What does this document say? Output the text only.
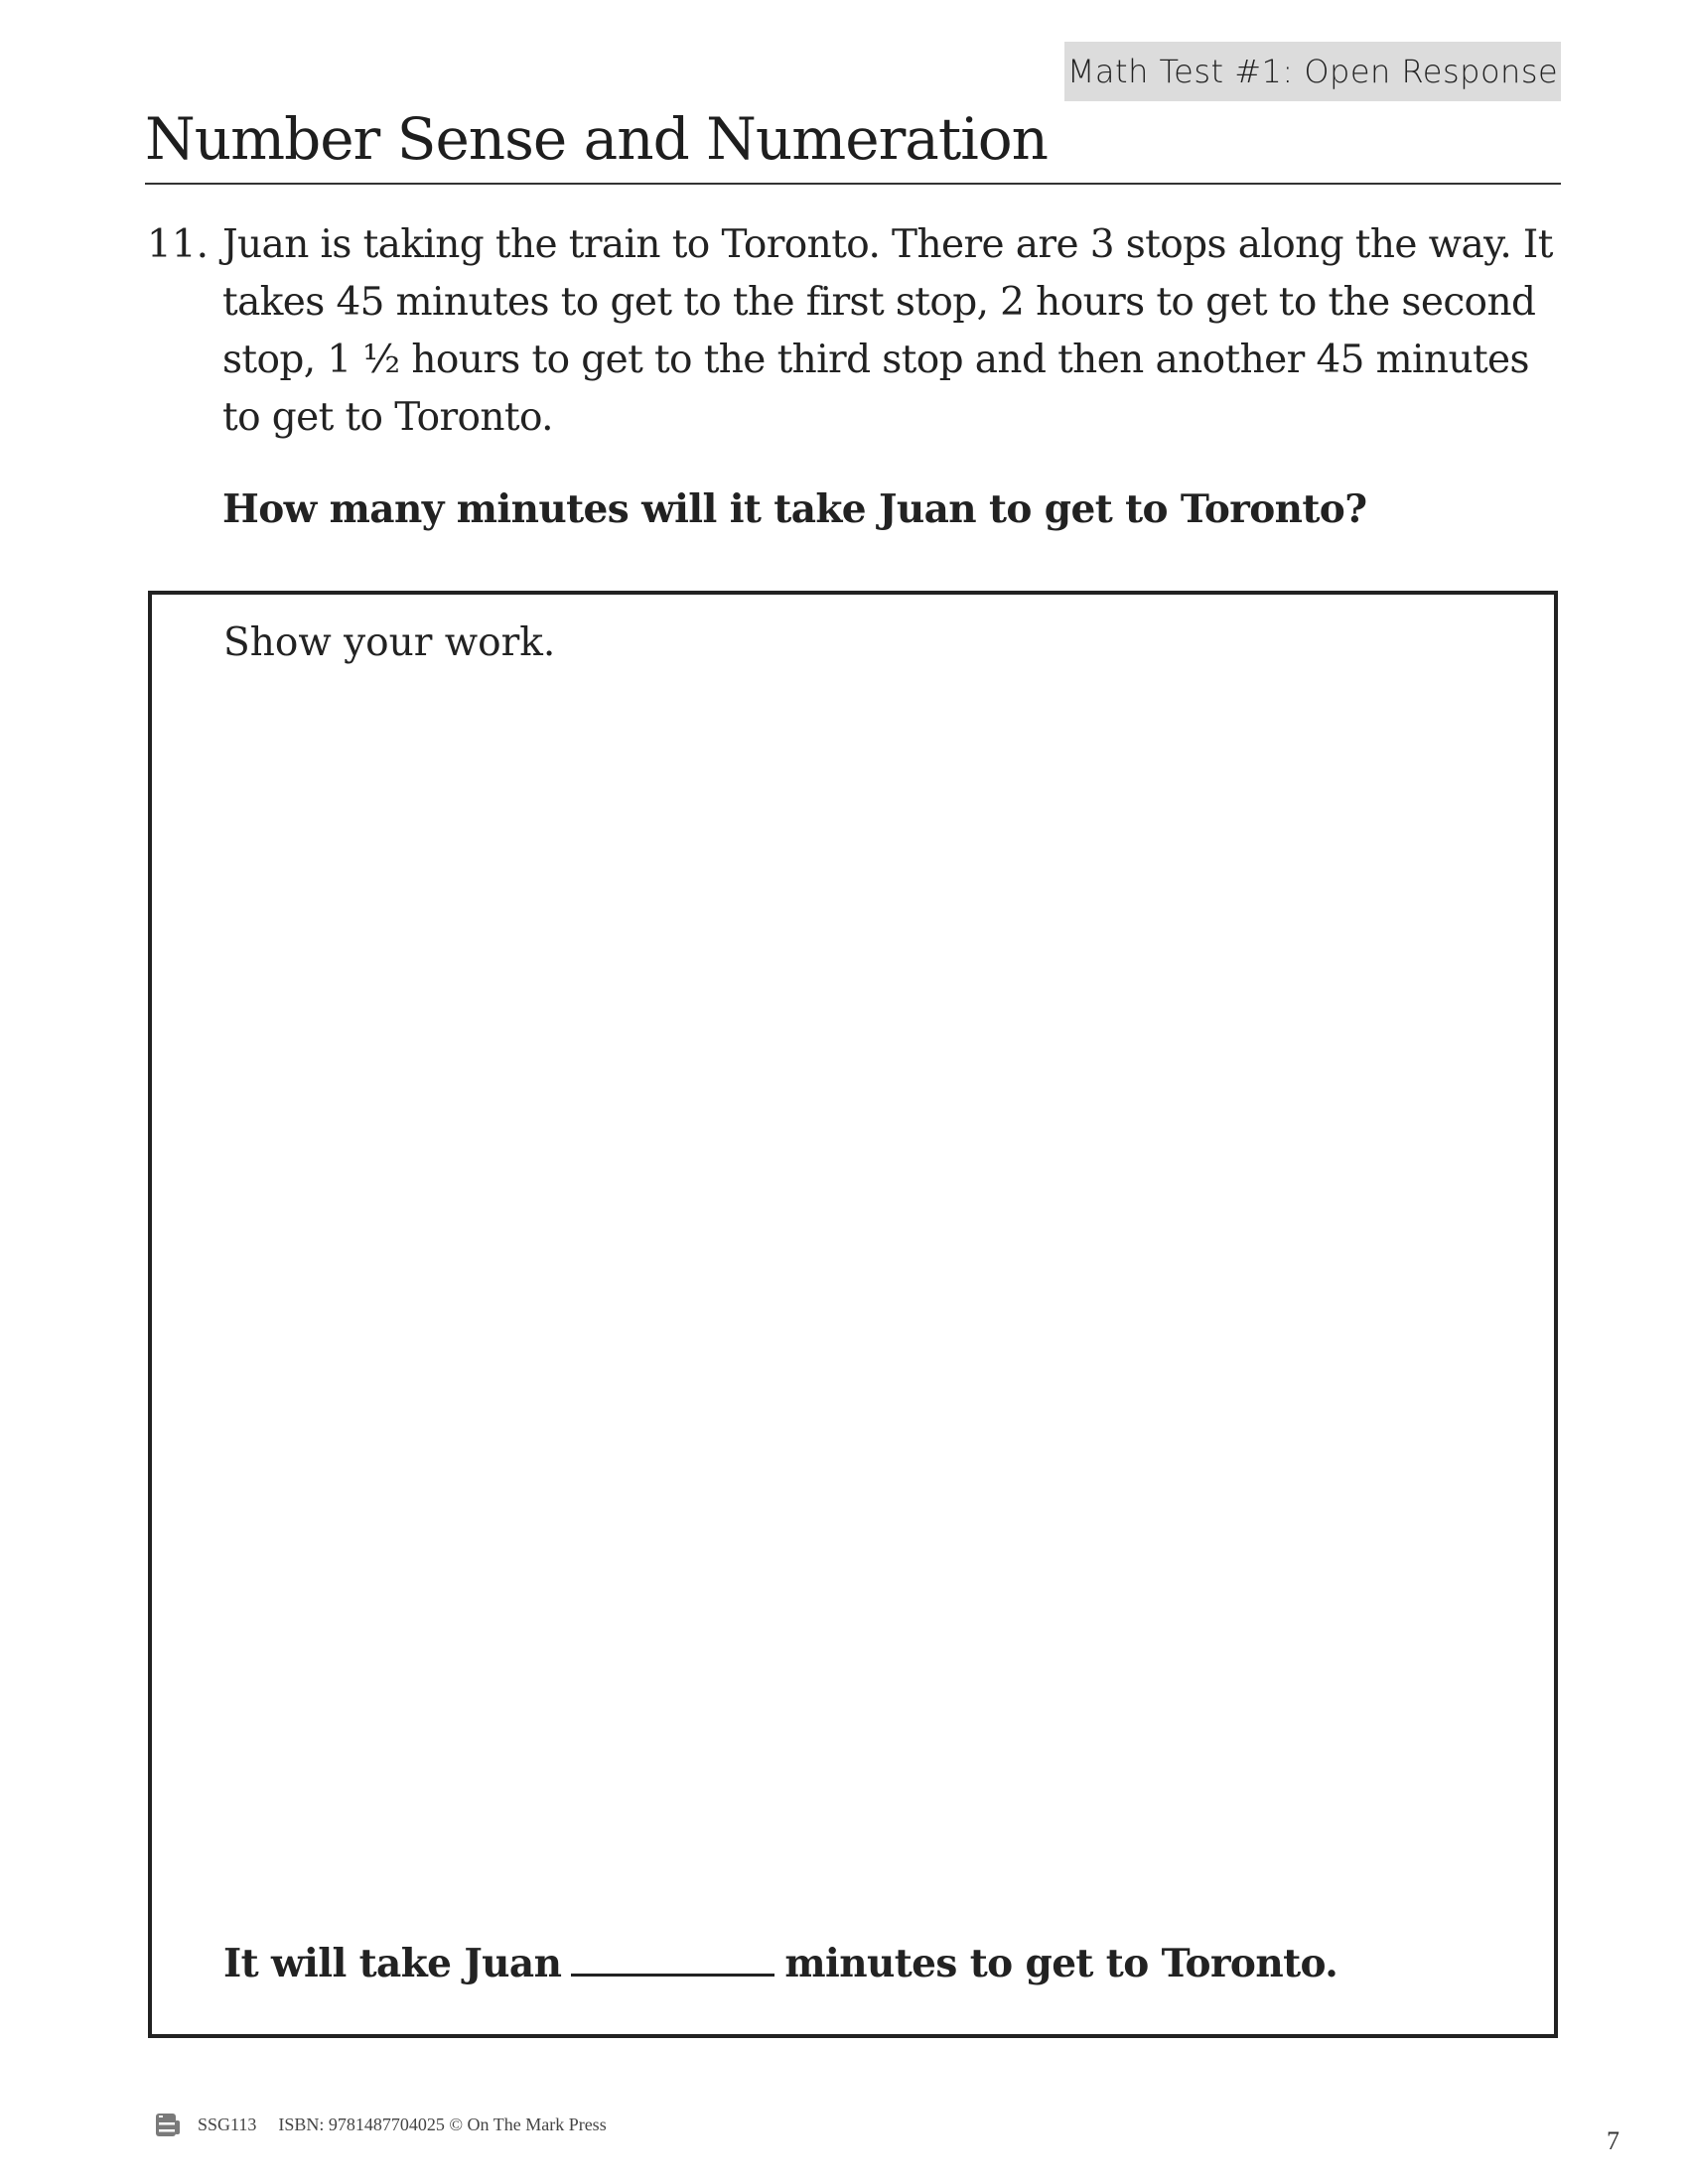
Math Test #1: Open Response
Number Sense and Numeration
11. Juan is taking the train to Toronto. There are 3 stops along the way. It takes 45 minutes to get to the first stop, 2 hours to get to the second stop, 1 ½ hours to get to the third stop and then another 45 minutes to get to Toronto.
How many minutes will it take Juan to get to Toronto?
Show your work.
It will take Juan	minutes to get to Toronto.
SSG113 ISBN: 9781487704025 © On The Mark Press
7
